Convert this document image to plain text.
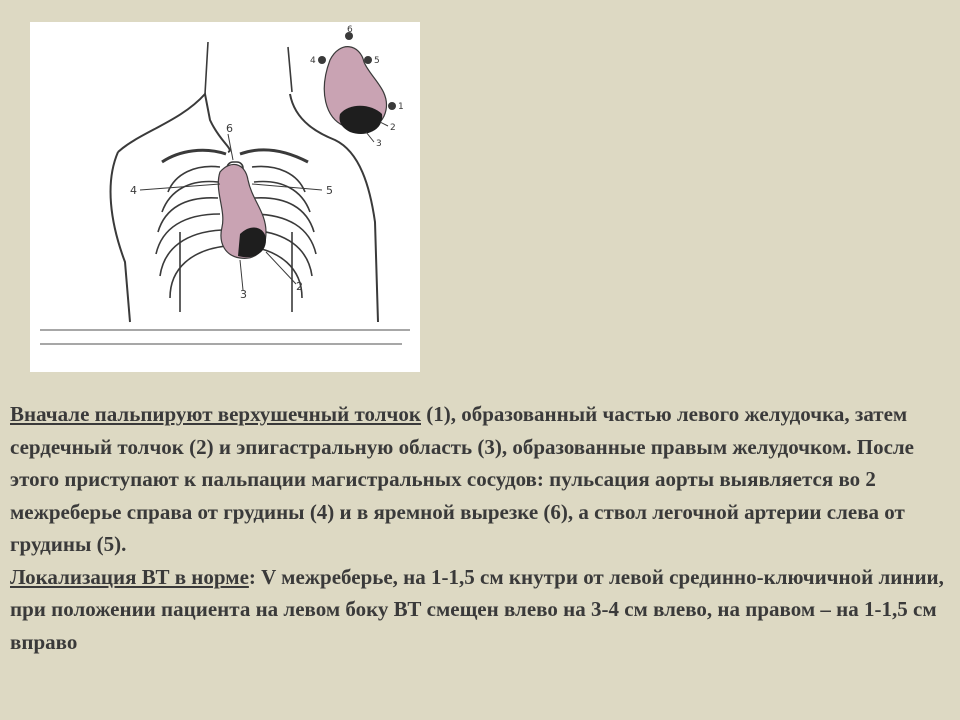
6
4	5
2
3
6
4	5
1
2
3

Вначале пальпируют верхушечный толчок (1), образованный частью левого желудочка, затем сердечный толчок (2) и эпигастральную область (3), образованные правым желудочком. После этого приступают к пальпации магистральных сосудов: пульсация аорты выявляется во 2 межреберье справа от грудины (4) и в яремной вырезке (6), а ствол легочной артерии слева от грудины (5).

Локализация ВТ в норме: V межреберье, на 1-1,5 см кнутри от левой срединно-ключичной линии, при положении пациента на левом боку ВТ смещен влево на 3-4 см влево, на правом – на 1-1,5 см вправо
